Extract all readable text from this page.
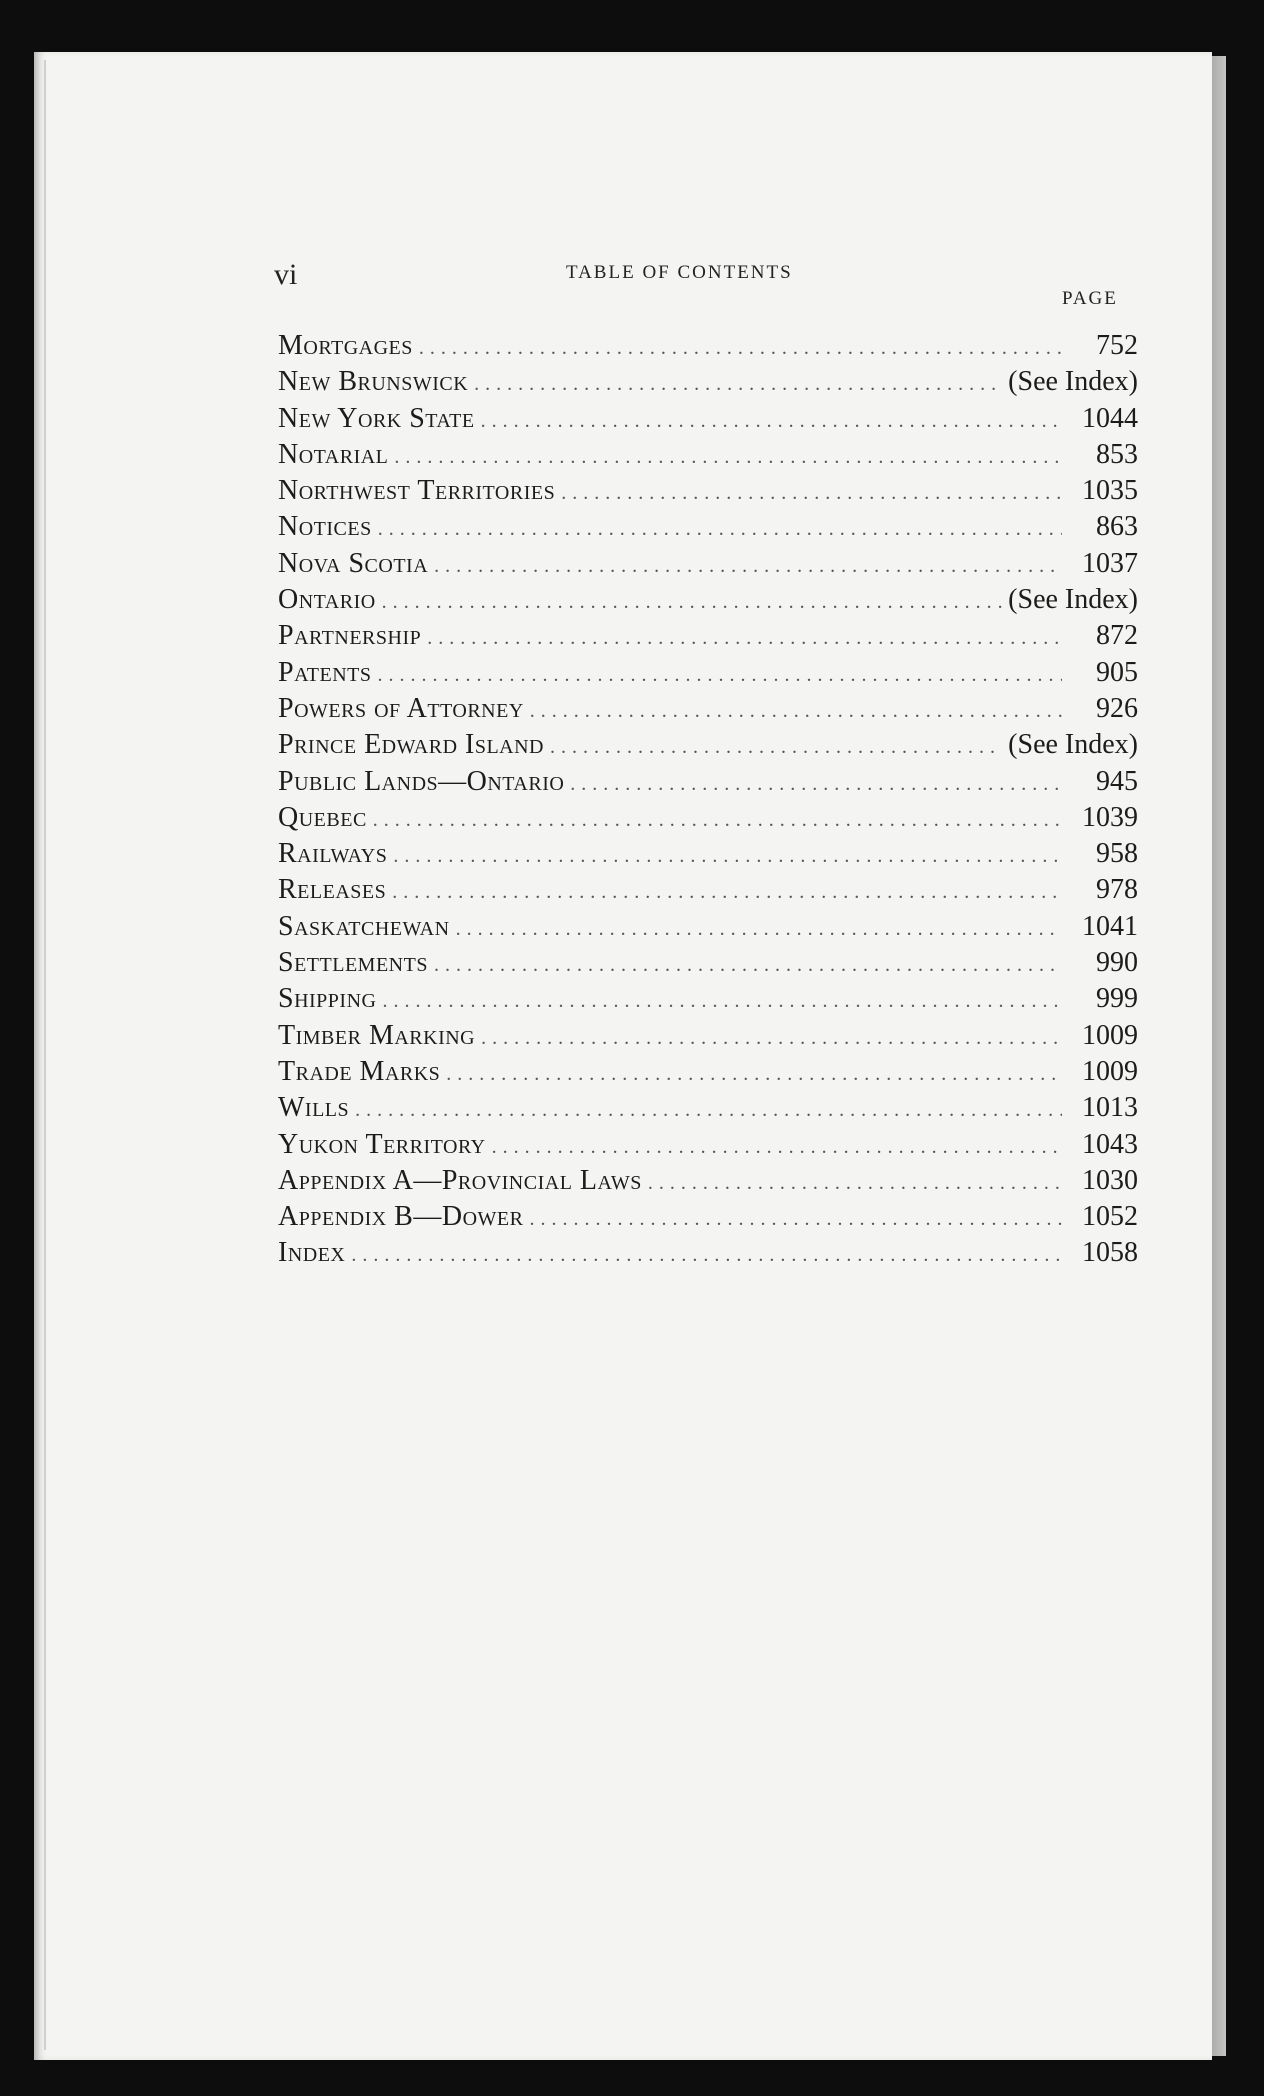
vi	TABLE OF CONTENTS
PAGE
Mortgages .....	752
New Brunswick .....	(See Index)
New York State .....	1044
Notarial .....	853
Northwest Territories .....	1035
Notices .....	863
Nova Scotia .....	1037
Ontario .....	(See Index)
Partnership .....	872
Patents .....	905
Powers of Attorney .....	926
Prince Edward Island .....	(See Index)
Public Lands—Ontario .....	945
Quebec .....	1039
Railways .....	958
Releases .....	978
Saskatchewan .....	1041
Settlements .....	990
Shipping .....	999
Timber Marking .....	1009
Trade Marks .....	1009
Wills .....	1013
Yukon Territory .....	1043
Appendix A—Provincial Laws .....	1030
Appendix B—Dower .....	1052
Index .....	1058
